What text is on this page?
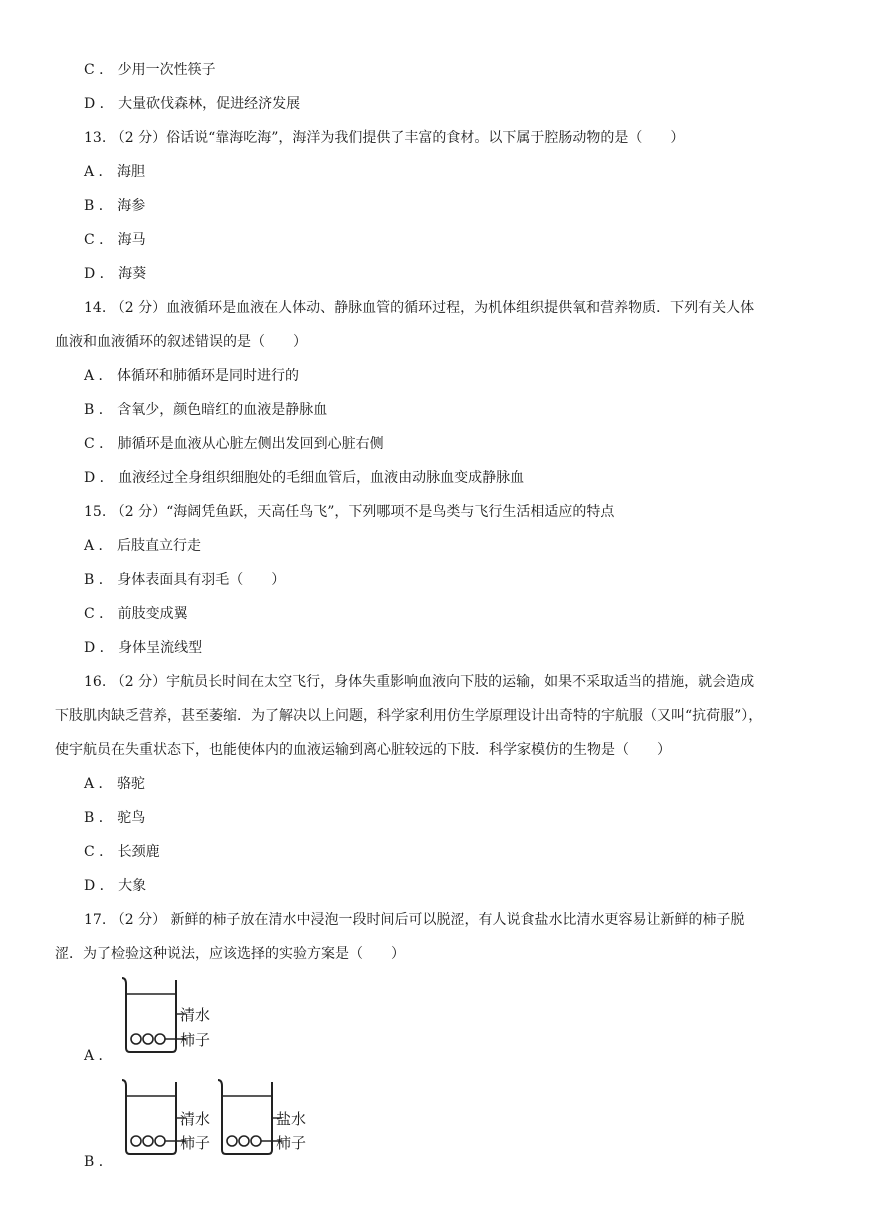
C ． 少用一次性筷子
D ． 大量砍伐森林，促进经济发展
13. （2 分）俗话说“靠海吃海”，海洋为我们提供了丰富的食材。以下属于腔肠动物的是（　　）
A ． 海胆
B ． 海参
C ． 海马
D ． 海葵
14. （2 分）血液循环是血液在人体动、静脉血管的循环过程，为机体组织提供氧和营养物质．下列有关人体
血液和血液循环的叙述错误的是（　　）
A ． 体循环和肺循环是同时进行的
B ． 含氧少，颜色暗红的血液是静脉血
C ． 肺循环是血液从心脏左侧出发回到心脏右侧
D ． 血液经过全身组织细胞处的毛细血管后，血液由动脉血变成静脉血
15. （2 分）“海阔凭鱼跃，天高任鸟飞”，下列哪项不是鸟类与飞行生活相适应的特点
A ． 后肢直立行走
B ． 身体表面具有羽毛（　　）
C ． 前肢变成翼
D ． 身体呈流线型
16. （2 分）宇航员长时间在太空飞行，身体失重影响血液向下肢的运输，如果不采取适当的措施，就会造成
下肢肌肉缺乏营养，甚至萎缩．为了解决以上问题，科学家利用仿生学原理设计出奇特的宇航服（又叫“抗荷服”），
使宇航员在失重状态下，也能使体内的血液运输到离心脏较远的下肢．科学家模仿的生物是（　　）
A ． 骆驼
B ． 驼鸟
C ． 长颈鹿
D ． 大象
17. （2 分） 新鲜的柿子放在清水中浸泡一段时间后可以脱涩，有人说食盐水比清水更容易让新鲜的柿子脱
涩．为了检验这种说法，应该选择的实验方案是（　　）
A ．
清水
柿子
B ．
清水
柿子
盐水
柿子
